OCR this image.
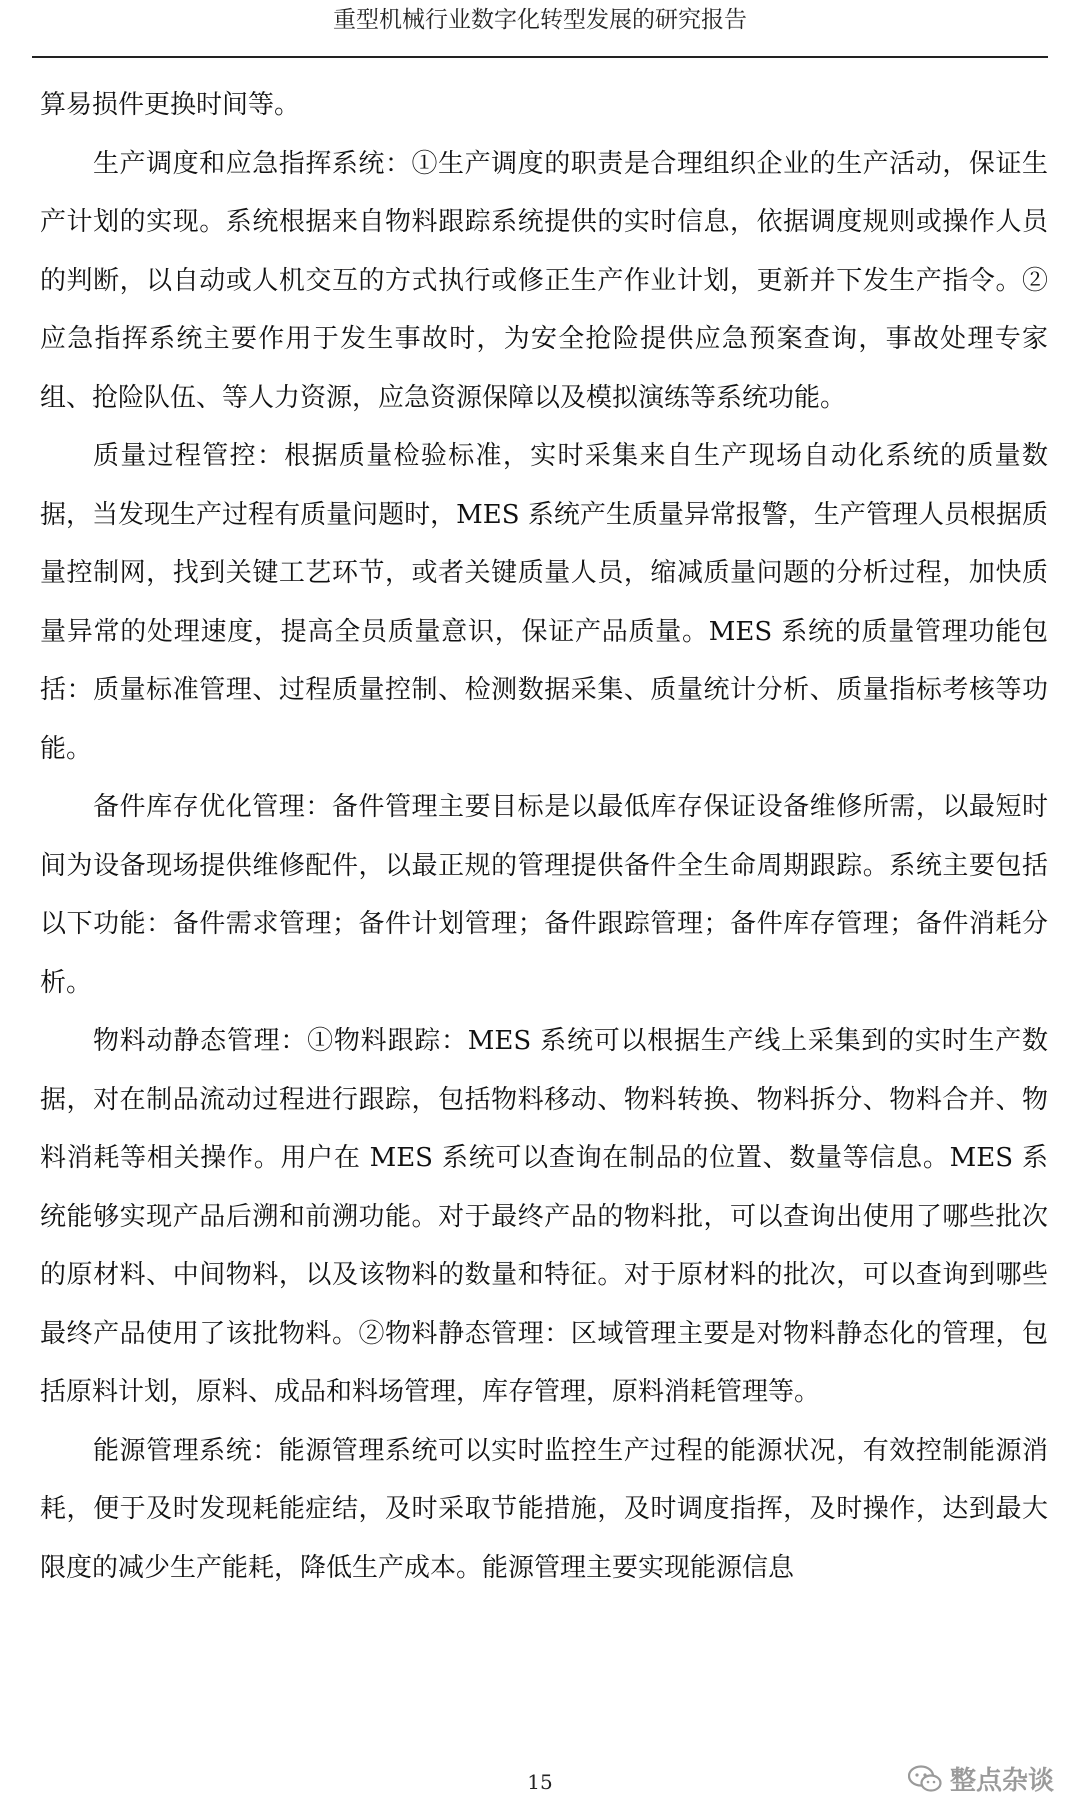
重型机械行业数字化转型发展的研究报告

算易损件更换时间等。

生产调度和应急指挥系统：①生产调度的职责是合理组织企业的生产活动，保证生产计划的实现。系统根据来自物料跟踪系统提供的实时信息，依据调度规则或操作人员的判断，以自动或人机交互的方式执行或修正生产作业计划，更新并下发生产指令。②应急指挥系统主要作用于发生事故时，为安全抢险提供应急预案查询，事故处理专家组、抢险队伍、等人力资源，应急资源保障以及模拟演练等系统功能。

质量过程管控：根据质量检验标准，实时采集来自生产现场自动化系统的质量数据，当发现生产过程有质量问题时，MES 系统产生质量异常报警，生产管理人员根据质量控制网，找到关键工艺环节，或者关键质量人员，缩减质量问题的分析过程，加快质量异常的处理速度，提高全员质量意识，保证产品质量。MES 系统的质量管理功能包括：质量标准管理、过程质量控制、检测数据采集、质量统计分析、质量指标考核等功能。

备件库存优化管理：备件管理主要目标是以最低库存保证设备维修所需，以最短时间为设备现场提供维修配件，以最正规的管理提供备件全生命周期跟踪。系统主要包括以下功能：备件需求管理；备件计划管理；备件跟踪管理；备件库存管理；备件消耗分析。

物料动静态管理：①物料跟踪：MES 系统可以根据生产线上采集到的实时生产数据，对在制品流动过程进行跟踪，包括物料移动、物料转换、物料拆分、物料合并、物料消耗等相关操作。用户在 MES 系统可以查询在制品的位置、数量等信息。MES 系统能够实现产品后溯和前溯功能。对于最终产品的物料批，可以查询出使用了哪些批次的原材料、中间物料，以及该物料的数量和特征。对于原材料的批次，可以查询到哪些最终产品使用了该批物料。②物料静态管理：区域管理主要是对物料静态化的管理，包括原料计划，原料、成品和料场管理，库存管理，原料消耗管理等。

能源管理系统：能源管理系统可以实时监控生产过程的能源状况，有效控制能源消耗，便于及时发现耗能症结，及时采取节能措施，及时调度指挥，及时操作，达到最大限度的减少生产能耗，降低生产成本。能源管理主要实现能源信息

15	整点杂谈
